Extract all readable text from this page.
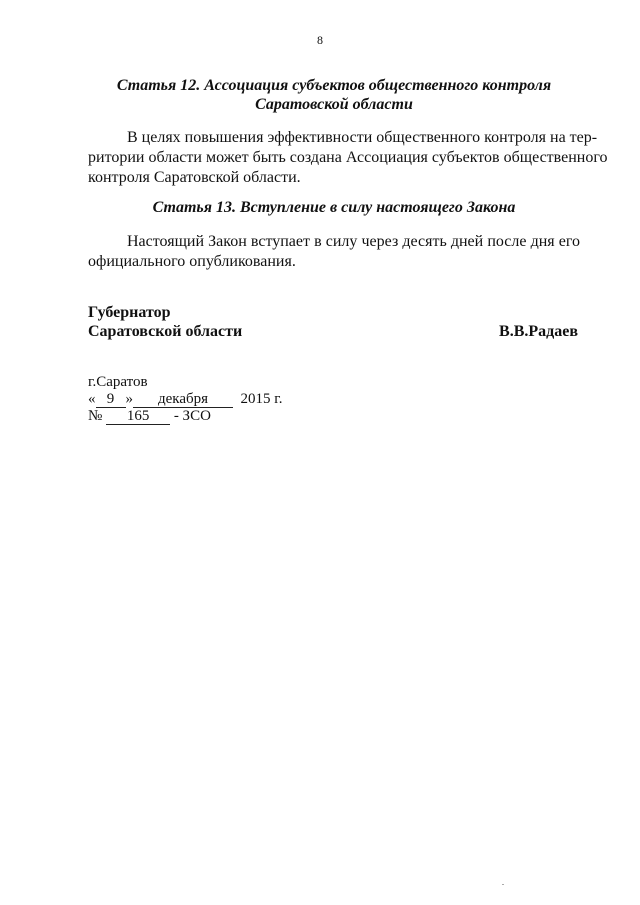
8
Статья 12. Ассоциация субъектов общественного контроля
Саратовской области
В целях повышения эффективности общественного контроля на тер-
ритории области может быть создана Ассоциация субъектов общественного
контроля Саратовской области.
Статья 13. Вступление в силу настоящего Закона
Настоящий Закон вступает в силу через десять дней после дня его
официального опубликования.
Губернатор
Саратовской области	В.В.Радаев
г.Саратов
« 9 » декабря 2015 г.
№ 165 - ЗСО
